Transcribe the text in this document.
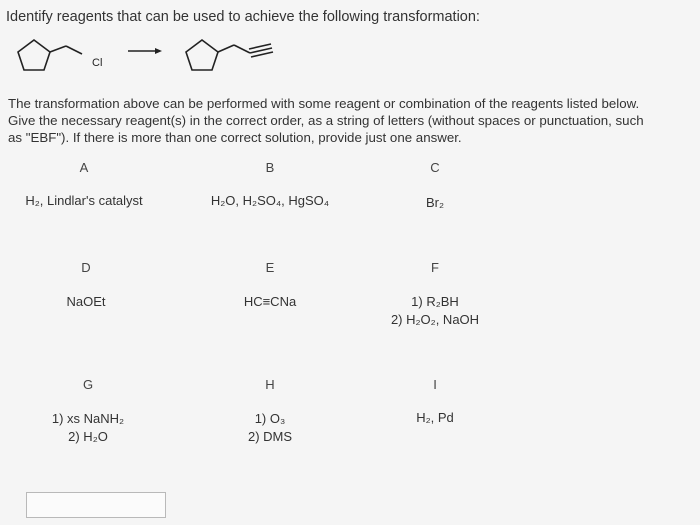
Identify reagents that can be used to achieve the following transformation:
Cl
The transformation above can be performed with some reagent or combination of the reagents listed below.
Give the necessary reagent(s) in the correct order, as a string of letters (without spaces or punctuation, such
as "EBF"). If there is more than one correct solution, provide just one answer.
A
H₂, Lindlar's catalyst
B
H₂O, H₂SO₄, HgSO₄
C
Br₂
D
NaOEt
E
HC≡CNa
F
1) R₂BH
2) H₂O₂, NaOH
G
1) xs NaNH₂
2) H₂O
H
1) O₃
2) DMS
I
H₂, Pd
